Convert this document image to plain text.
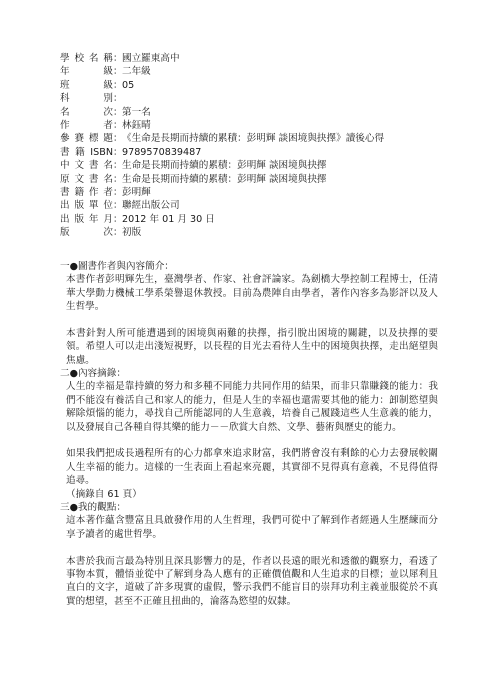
學校名稱 ： 國立羅東高中
年 級 ： 二年級
班 級 ： 05
科 別 ：
名 次 ： 第一名
作 者 ： 林鈺晴
參賽標題 ： 《生命是長期而持續的累積：彭明輝 談困境與抉擇》讀後心得
書籍ISBN ： 9789570839487
中文書名 ： 生命是長期而持續的累積：彭明輝 談困境與抉擇
原文書名 ： 生命是長期而持續的累積：彭明輝 談困境與抉擇
書籍作者 ： 彭明輝
出版單位 ： 聯經出版公司
出版年月 ： 2012 年 01 月 30 日
版 次 ： 初版
一●圖書作者與內容簡介：
本書作者彭明輝先生，臺灣學者、作家、社會評論家。為劍橋大學控制工程博士，任清華大學動力機械工學系榮譽退休教授。目前為農陣自由學者，著作內容多為影評以及人生哲學。
本書針對人所可能遭遇到的困境與兩難的抉擇，指引脫出困境的關鍵，以及抉擇的要領。希望人可以走出淺短視野，以長程的目光去看待人生中的困境與抉擇，走出絕望與焦慮。
二●內容摘錄：
人生的幸福是靠持續的努力和多種不同能力共同作用的結果，而非只靠賺錢的能力：我們不能沒有養活自己和家人的能力，但是人生的幸福也還需要其他的能力：卸制慾望與解除煩惱的能力，尋找自己所能認同的人生意義，培養自己履踐這些人生意義的能力，以及發展自己各種自得其樂的能力－－欣賞大自然、文學、藝術與歷史的能力。
如果我們把成長過程所有的心力都拿來追求財富，我們將會沒有剩餘的心力去發展較關人生幸福的能力。這樣的一生表面上看起來亮麗，其實卻不見得真有意義，不見得值得追尋。
（摘錄自 61 頁）
三●我的觀點：
這本著作蘊含豐富且具啟發作用的人生哲理，我們可從中了解到作者經過人生歷練而分享予讀者的處世哲學。
本書於我而言最為特別且深具影響力的是，作者以長遠的眼光和透徹的觀察力，看透了事物本質，體悟並從中了解到身為人應有的正確價值觀和人生追求的目標；並以犀利且直白的文字，道破了許多現實的虛假，警示我們不能盲目的崇拜功利主義並服從於不真實的想望，甚至不正確且扭曲的，淪落為慾望的奴隸。
